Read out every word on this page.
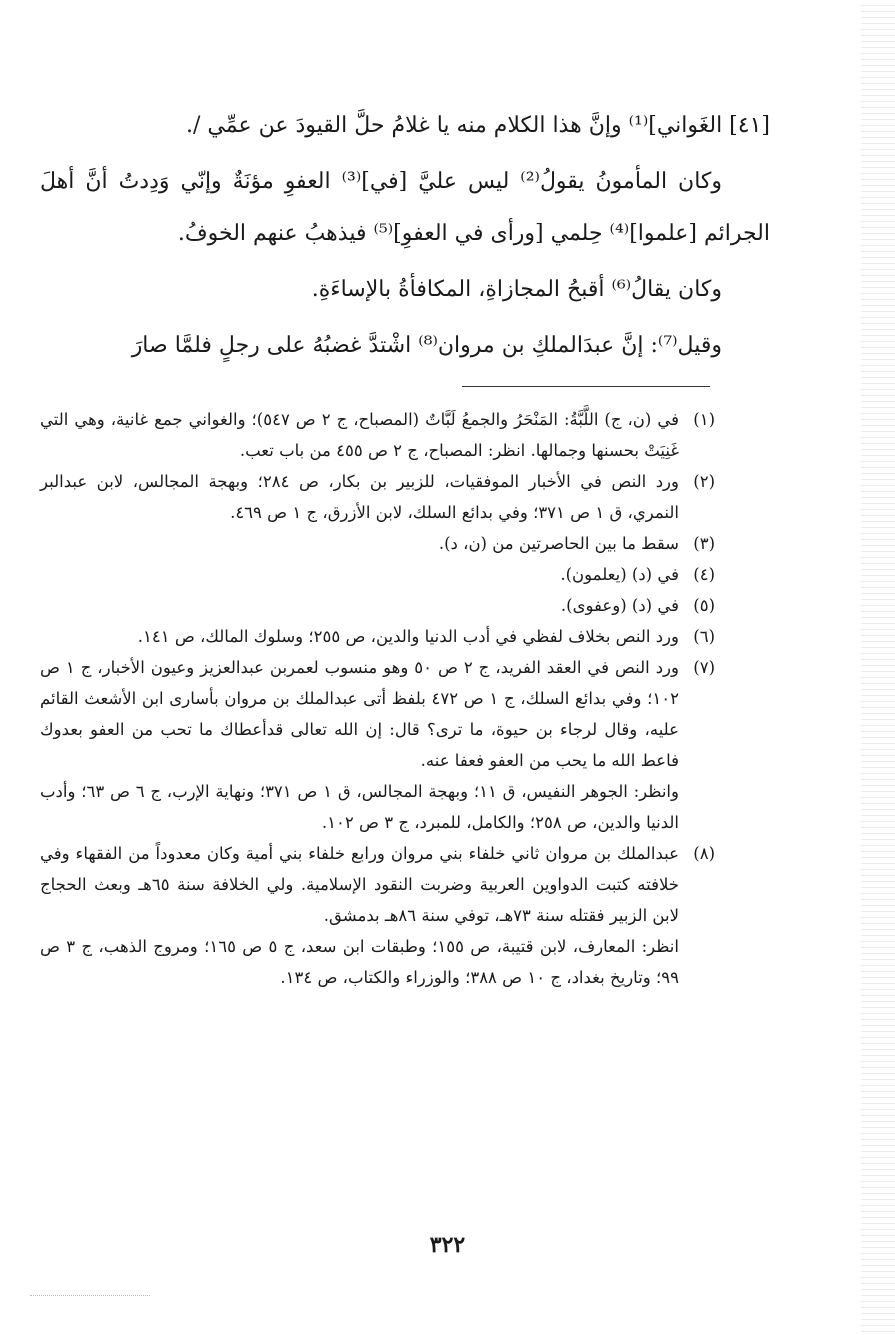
[٤١] الغَواني]⁽¹⁾ وإنَّ هذا الكلام منه يا غلامُ حلَّ القيودَ عن عمِّي /.

وكان المأمونُ يقولُ⁽²⁾ ليس عليَّ [في]⁽³⁾ العفوِ مؤنَةٌ وإنّي وَدِدتُ أنَّ أهلَ الجرائم [علموا]⁽⁴⁾ حِلمي [ورأى في العفوِ]⁽⁵⁾ فيذهبُ عنهم الخوفُ.

وكان يقالُ⁽⁶⁾ أقبحُ المجازاةِ، المكافأةُ بالإساءَةِ.

وقيل⁽⁷⁾: إنَّ عبدَالملكِ بن مروان⁽⁸⁾ اشْتدَّ غضبُهُ على رجلٍ فلمَّا صارَ

(١)
في (ن، ج) اللَّبَّةُ: المَنْحَرُ والجمعُ لَبَّاتٌ (المصباح، ج ٢ ص ٥٤٧)؛ والغواني جمع غانية، وهي التي غَنِيَتْ بحسنها وجمالها. انظر: المصباح، ج ٢ ص ٤٥٥ من باب تعب.
(٢)
ورد النص في الأخبار الموفقيات، للزبير بن بكار، ص ٢٨٤؛ وبهجة المجالس، لابن عبدالبر النمري، ق ١ ص ٣٧١؛ وفي بدائع السلك، لابن الأزرق، ج ١ ص ٤٦٩.
(٣)
سقط ما بين الحاصرتين من (ن، د).
(٤)
في (د) (يعلمون).
(٥)
في (د) (وعفوى).
(٦)
ورد النص بخلاف لفظي في أدب الدنيا والدين، ص ٢٥٥؛ وسلوك المالك، ص ١٤١.
(٧)
ورد النص في العقد الفريد، ج ٢ ص ٥٠ وهو منسوب لعمربن عبدالعزيز وعيون الأخبار، ج ١ ص ١٠٢؛ وفي بدائع السلك، ج ١ ص ٤٧٢ بلفظ أتى عبدالملك بن مروان بأسارى ابن الأشعث القائم عليه، وقال لرجاء بن حيوة، ما ترى؟ قال: إن الله تعالى قدأعطاك ما تحب من العفو بعدوك فاعط الله ما يحب من العفو فعفا عنه.
وانظر: الجوهر النفيس، ق ١١؛ وبهجة المجالس، ق ١ ص ٣٧١؛ ونهاية الإرب، ج ٦ ص ٦٣؛ وأدب الدنيا والدين، ص ٢٥٨؛ والكامل، للمبرد، ج ٣ ص ١٠٢.
(٨)
عبدالملك بن مروان ثاني خلفاء بني مروان ورابع خلفاء بني أمية وكان معدوداً من الفقهاء وفي خلافته كتبت الدواوين العربية وضربت النقود الإسلامية. ولي الخلافة سنة ٦٥هـ وبعث الحجاج لابن الزبير فقتله سنة ٧٣هـ، توفي سنة ٨٦هـ بدمشق.
انظر: المعارف، لابن قتيبة، ص ١٥٥؛ وطبقات ابن سعد، ج ٥ ص ١٦٥؛ ومروج الذهب، ج ٣ ص ٩٩؛ وتاريخ بغداد، ج ١٠ ص ٣٨٨؛ والوزراء والكتاب، ص ١٣٤.
٣٢٢
